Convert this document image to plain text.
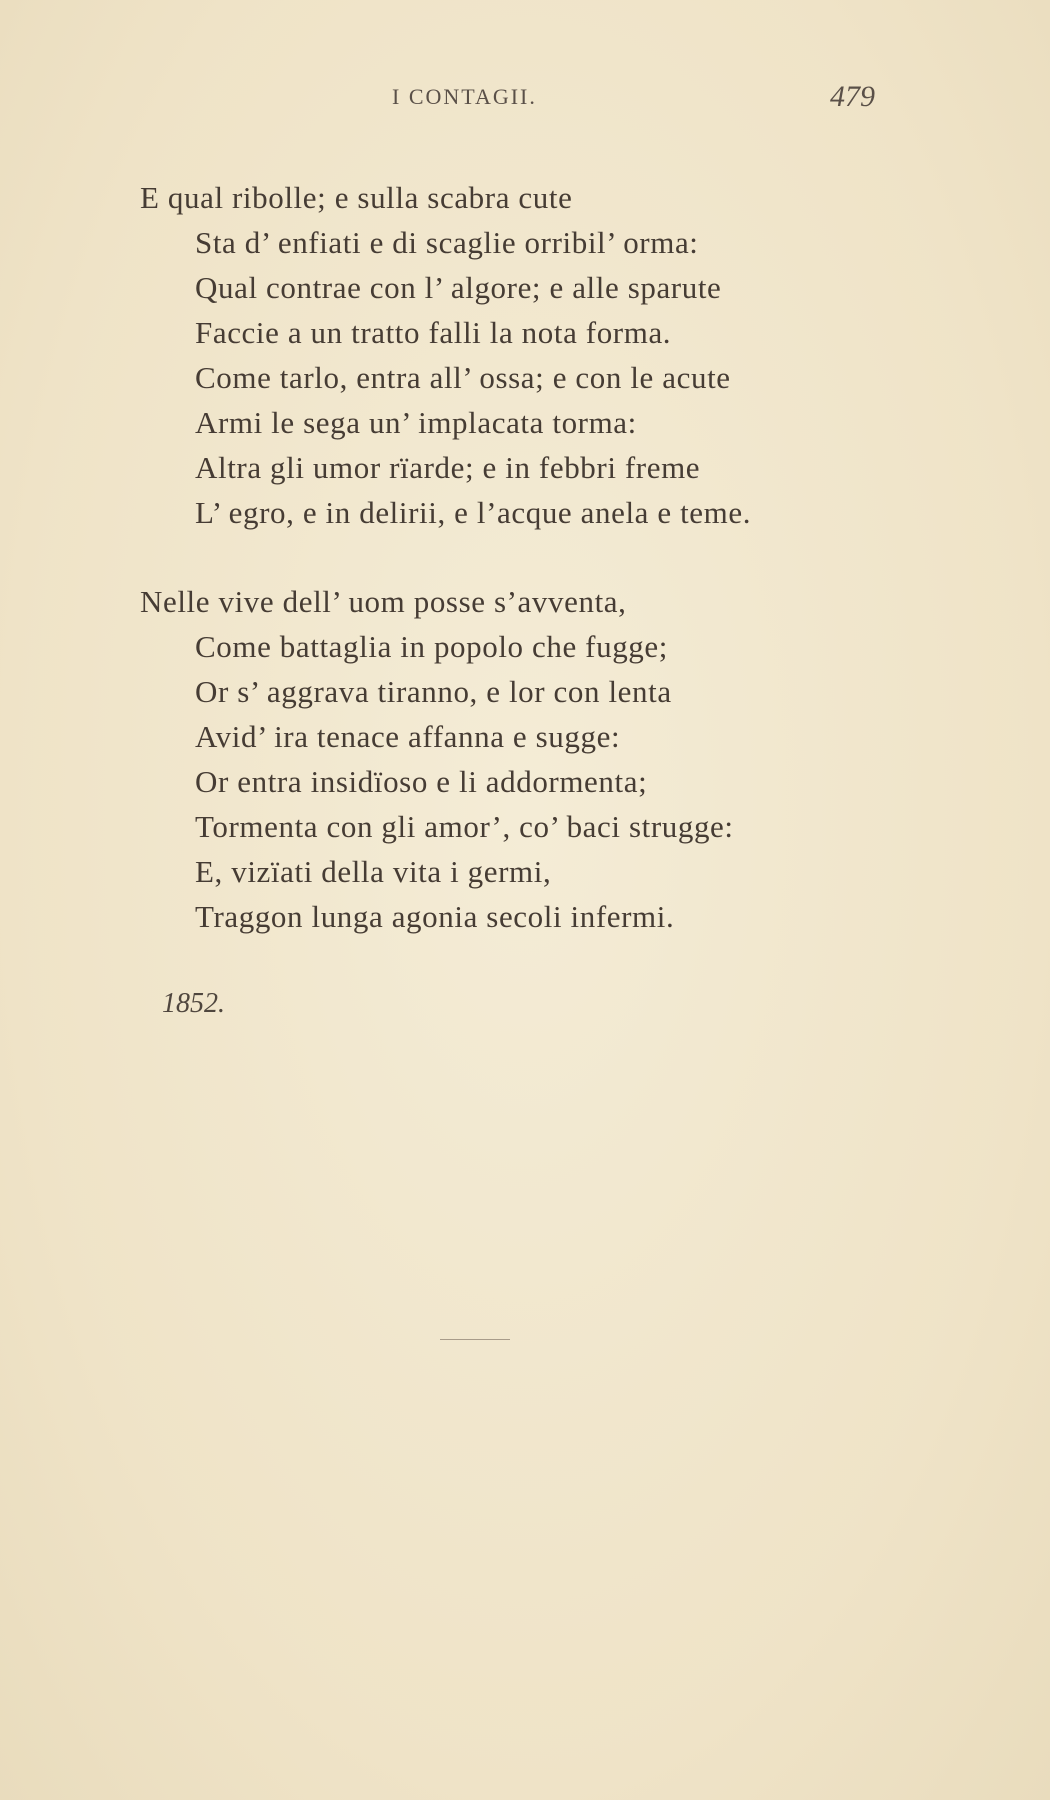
I CONTAGII.	479
E qual ribolle; e sulla scabra cute
Sta d’ enfiati e di scaglie orribil’ orma:
Qual contrae con l’ algore; e alle sparute
Faccie a un tratto falli la nota forma.
Come tarlo, entra all’ ossa; e con le acute
Armi le sega un’ implacata torma:
Altra gli umor rïarde; e in febbri freme
L’ egro, e in delirii, e l’acque anela e teme.
Nelle vive dell’ uom posse s’avventa,
Come battaglia in popolo che fugge;
Or s’ aggrava tiranno, e lor con lenta
Avid’ ira tenace affanna e sugge:
Or entra insidïoso e li addormenta;
Tormenta con gli amor’, co’ baci strugge:
E, vizïati della vita i germi,
Traggon lunga agonia secoli infermi.
1852.
